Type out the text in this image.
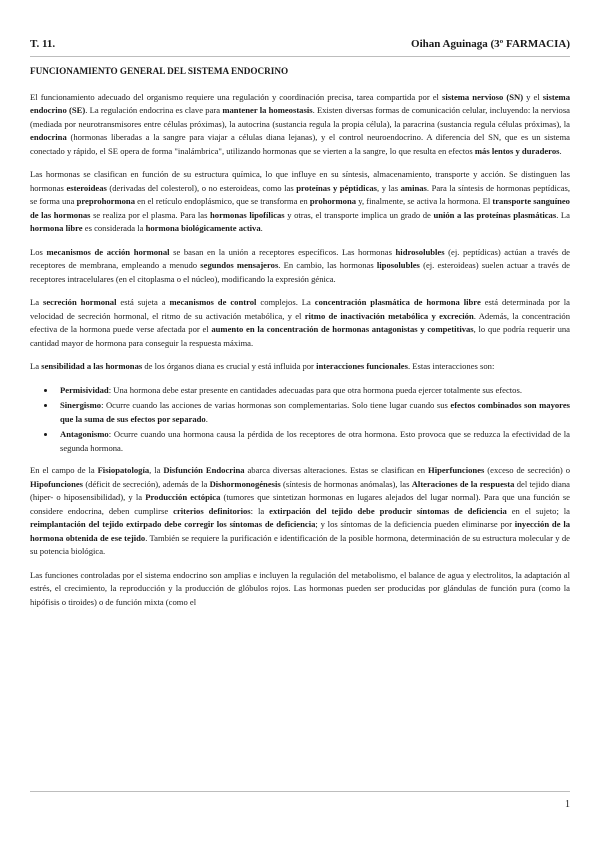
T. 11.	Oihan Aguinaga (3º FARMACIA)
FUNCIONAMIENTO GENERAL DEL SISTEMA ENDOCRINO

El funcionamiento adecuado del organismo requiere una regulación y coordinación precisa, tarea compartida por el sistema nervioso (SN) y el sistema endocrino (SE). La regulación endocrina es clave para mantener la homeostasis. Existen diversas formas de comunicación celular, incluyendo: la nerviosa (mediada por neurotransmisores entre células próximas), la autocrina (sustancia regula la propia célula), la paracrina (sustancia regula células próximas), la endocrina (hormonas liberadas a la sangre para viajar a células diana lejanas), y el control neuroendocrino. A diferencia del SN, que es un sistema conectado y rápido, el SE opera de forma "inalámbrica", utilizando hormonas que se vierten a la sangre, lo que resulta en efectos más lentos y duraderos.

Las hormonas se clasifican en función de su estructura química, lo que influye en su síntesis, almacenamiento, transporte y acción. Se distinguen las hormonas esteroideas (derivadas del colesterol), o no esteroideas, como las proteínas y péptidicas, y las aminas. Para la síntesis de hormonas peptídicas, se forma una preprohormona en el retículo endoplásmico, que se transforma en prohormona y, finalmente, se activa la hormona. El transporte sanguíneo de las hormonas se realiza por el plasma. Para las hormonas lipofílicas y otras, el transporte implica un grado de unión a las proteínas plasmáticas. La hormona libre es considerada la hormona biológicamente activa.

Los mecanismos de acción hormonal se basan en la unión a receptores específicos. Las hormonas hidrosolubles (ej. peptídicas) actúan a través de receptores de membrana, empleando a menudo segundos mensajeros. En cambio, las hormonas liposolubles (ej. esteroideas) suelen actuar a través de receptores intracelulares (en el citoplasma o el núcleo), modificando la expresión génica.

La secreción hormonal está sujeta a mecanismos de control complejos. La concentración plasmática de hormona libre está determinada por la velocidad de secreción hormonal, el ritmo de su activación metabólica, y el ritmo de inactivación metabólica y excreción. Además, la concentración efectiva de la hormona puede verse afectada por el aumento en la concentración de hormonas antagonistas y competitivas, lo que podría requerir una cantidad mayor de hormona para conseguir la respuesta máxima.

La sensibilidad a las hormonas de los órganos diana es crucial y está influida por interacciones funcionales. Estas interacciones son:

• Permisividad: Una hormona debe estar presente en cantidades adecuadas para que otra hormona pueda ejercer totalmente sus efectos.
• Sinergismo: Ocurre cuando las acciones de varias hormonas son complementarias. Solo tiene lugar cuando sus efectos combinados son mayores que la suma de sus efectos por separado.
• Antagonismo: Ocurre cuando una hormona causa la pérdida de los receptores de otra hormona. Esto provoca que se reduzca la efectividad de la segunda hormona.

En el campo de la Fisiopatología, la Disfunción Endocrina abarca diversas alteraciones. Estas se clasifican en Hiperfunciones (exceso de secreción) o Hipofunciones (déficit de secreción), además de la Dishormonogénesis (síntesis de hormonas anómalas), las Alteraciones de la respuesta del tejido diana (hiper- o hiposensibilidad), y la Producción ectópica (tumores que sintetizan hormonas en lugares alejados del lugar normal). Para que una función se considere endocrina, deben cumplirse criterios definitorios: la extirpación del tejido debe producir síntomas de deficiencia en el sujeto; la reimplantación del tejido extirpado debe corregir los síntomas de deficiencia; y los síntomas de la deficiencia pueden eliminarse por inyección de la hormona obtenida de ese tejido. También se requiere la purificación e identificación de la posible hormona, determinación de su estructura molecular y de su potencia biológica.

Las funciones controladas por el sistema endocrino son amplias e incluyen la regulación del metabolismo, el balance de agua y electrolitos, la adaptación al estrés, el crecimiento, la reproducción y la producción de glóbulos rojos. Las hormonas pueden ser producidas por glándulas de función pura (como la hipófisis o tiroides) o de función mixta (como el

1
